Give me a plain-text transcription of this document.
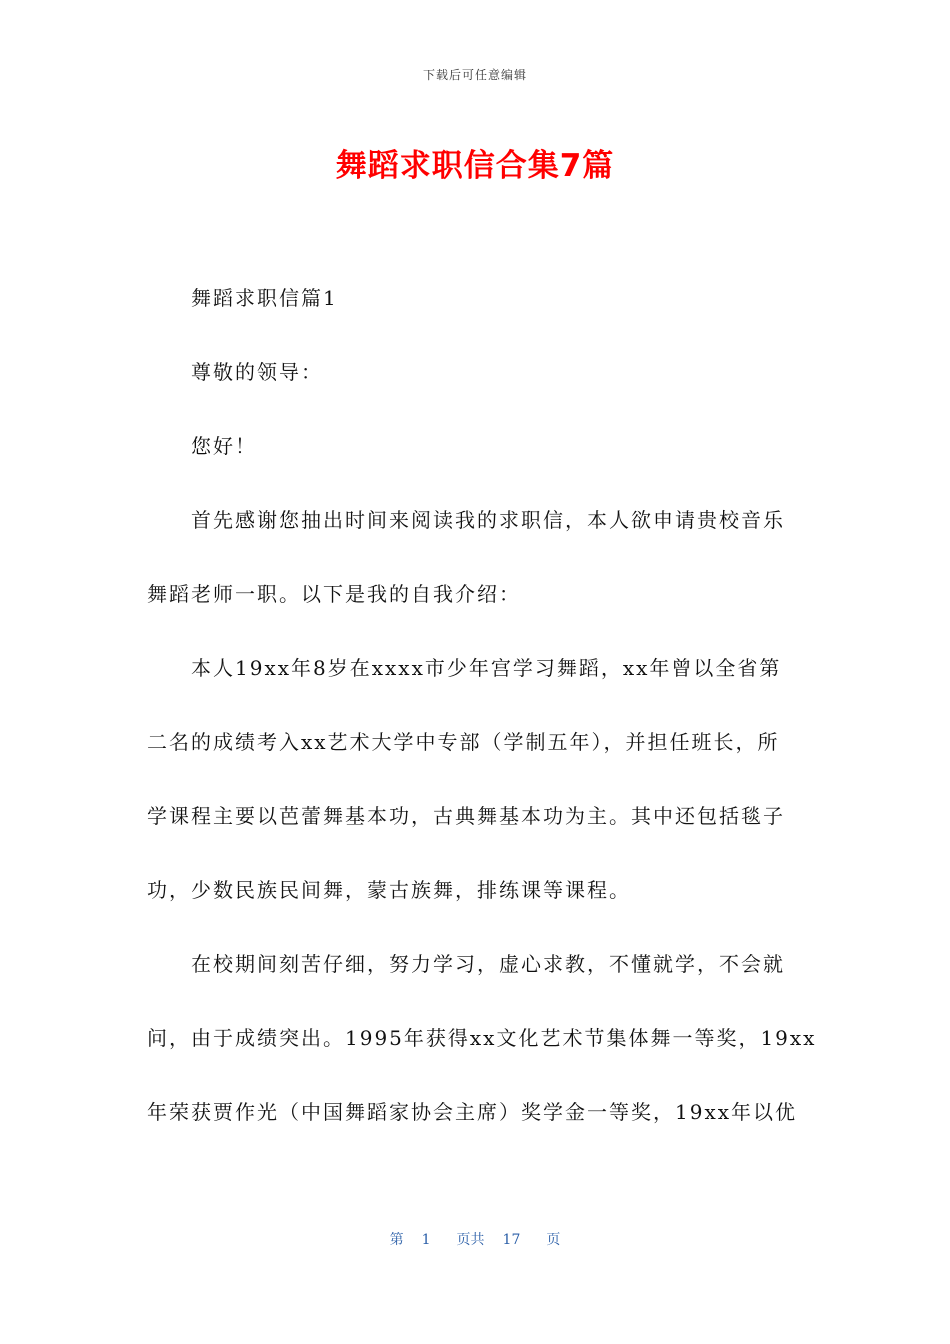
下载后可任意编辑
舞蹈求职信合集7篇

舞蹈求职信篇1

尊敬的领导：

您好！

首先感谢您抽出时间来阅读我的求职信，本人欲申请贵校音乐
舞蹈老师一职。以下是我的自我介绍：
本人19xx年8岁在xxxx市少年宫学习舞蹈，xx年曾以全省第
二名的成绩考入xx艺术大学中专部（学制五年），并担任班长，所
学课程主要以芭蕾舞基本功，古典舞基本功为主。其中还包括毯子
功，少数民族民间舞，蒙古族舞，排练课等课程。
在校期间刻苦仔细，努力学习，虚心求教，不懂就学，不会就
问，由于成绩突出。1995年获得xx文化艺术节集体舞一等奖，19xx
年荣获贾作光（中国舞蹈家协会主席）奖学金一等奖，19xx年以优
第 1 页共 17 页
